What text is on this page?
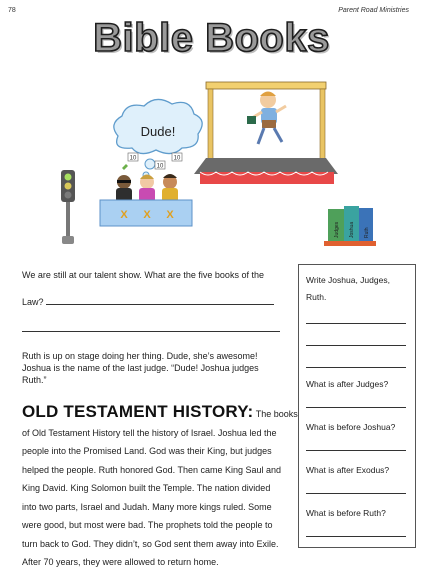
78	Parent Road Ministries
Bible Books
Dude!
10
10
10
X X X
Judges Joshua Ruth
We are still at our talent show. What are the five books of the
Law?
Ruth is up on stage doing her thing. Dude, she’s awesome!
Joshua is the name of the last judge. “Dude! Joshua judges
Ruth.”
OLD TESTAMENT HISTORY: The books
of Old Testament History tell the history of Israel. Joshua led the
people into the Promised Land. God was their King, but judges
helped the people. Ruth honored God. Then came King Saul and
King David. King Solomon built the Temple. The nation divided
into two parts, Israel and Judah. Many more kings ruled. Some
were good, but most were bad. The prophets told the people to
turn back to God. They didn’t, so God sent them away into Exile.
After 70 years, they were allowed to return home.
Write Joshua, Judges,
Ruth.
What is after Judges?
What is before Joshua?
What is after Exodus?
What is before Ruth?
